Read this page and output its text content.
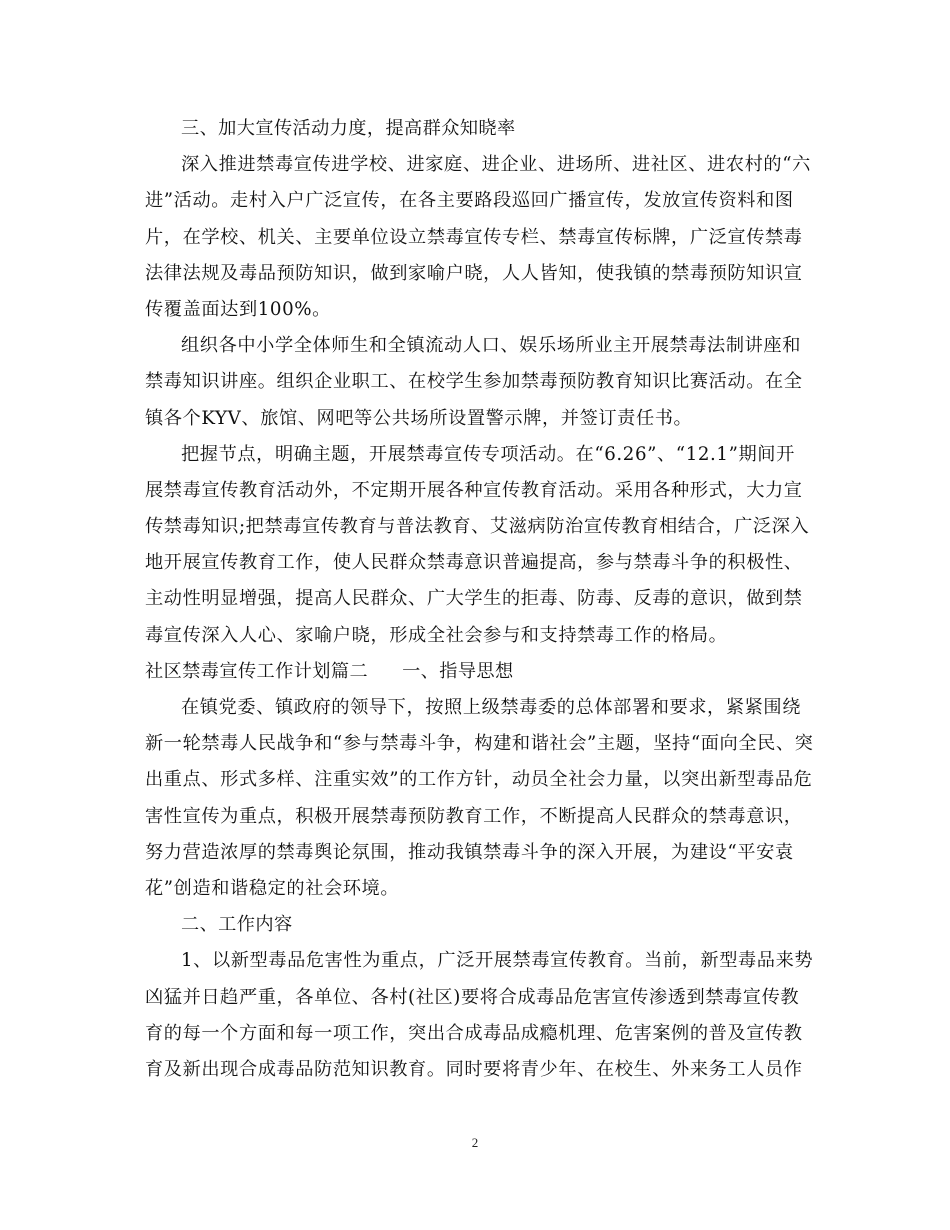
三、加大宣传活动力度，提高群众知晓率
深入推进禁毒宣传进学校、进家庭、进企业、进场所、进社区、进农村的“六
进”活动。走村入户广泛宣传，在各主要路段巡回广播宣传，发放宣传资料和图
片，在学校、机关、主要单位设立禁毒宣传专栏、禁毒宣传标牌，广泛宣传禁毒
法律法规及毒品预防知识，做到家喻户晓，人人皆知，使我镇的禁毒预防知识宣
传覆盖面达到100%。
组织各中小学全体师生和全镇流动人口、娱乐场所业主开展禁毒法制讲座和
禁毒知识讲座。组织企业职工、在校学生参加禁毒预防教育知识比赛活动。在全
镇各个KYV、旅馆、网吧等公共场所设置警示牌，并签订责任书。
把握节点，明确主题，开展禁毒宣传专项活动。在“6.26”、“12.1”期间开
展禁毒宣传教育活动外，不定期开展各种宣传教育活动。采用各种形式，大力宣
传禁毒知识;把禁毒宣传教育与普法教育、艾滋病防治宣传教育相结合，广泛深入
地开展宣传教育工作，使人民群众禁毒意识普遍提高，参与禁毒斗争的积极性、
主动性明显增强，提高人民群众、广大学生的拒毒、防毒、反毒的意识，做到禁
毒宣传深入人心、家喻户晓，形成全社会参与和支持禁毒工作的格局。
社区禁毒宣传工作计划篇二 一、指导思想
在镇党委、镇政府的领导下，按照上级禁毒委的总体部署和要求，紧紧围绕
新一轮禁毒人民战争和“参与禁毒斗争，构建和谐社会”主题，坚持“面向全民、突
出重点、形式多样、注重实效”的工作方针，动员全社会力量，以突出新型毒品危
害性宣传为重点，积极开展禁毒预防教育工作，不断提高人民群众的禁毒意识，
努力营造浓厚的禁毒舆论氛围，推动我镇禁毒斗争的深入开展，为建设“平安袁
花”创造和谐稳定的社会环境。
二、工作内容
1、以新型毒品危害性为重点，广泛开展禁毒宣传教育。当前，新型毒品来势
凶猛并日趋严重，各单位、各村(社区)要将合成毒品危害宣传渗透到禁毒宣传教
育的每一个方面和每一项工作，突出合成毒品成瘾机理、危害案例的普及宣传教
育及新出现合成毒品防范知识教育。同时要将青少年、在校生、外来务工人员作
2
